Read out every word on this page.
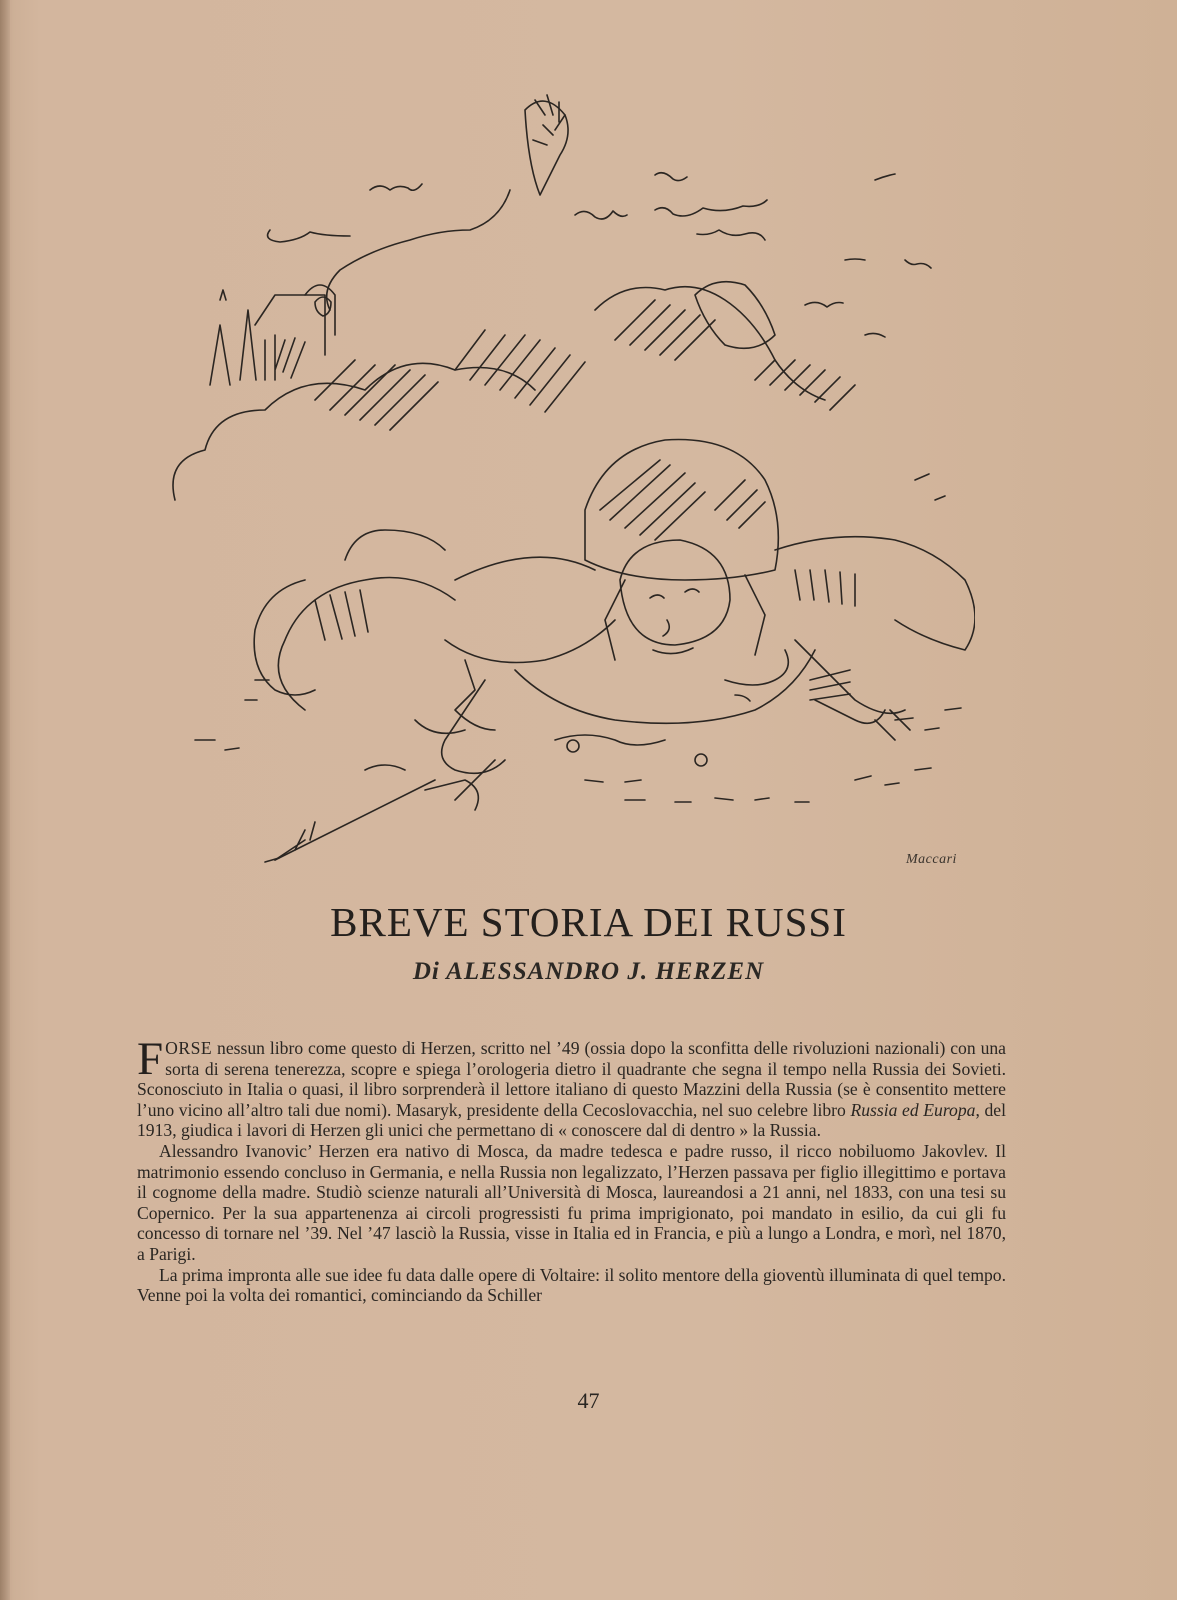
Maccari
BREVE STORIA DEI RUSSI
Di ALESSANDRO J. HERZEN

FORSE nessun libro come questo di Herzen, scritto nel ’49 (ossia dopo la sconfitta delle rivoluzioni nazionali) con una sorta di serena tenerezza, scopre e spiega l’orologeria dietro il quadrante che segna il tempo nella Russia dei Sovieti. Sconosciuto in Italia o quasi, il libro sorprenderà il lettore italiano di questo Mazzini della Russia (se è consentito mettere l’uno vicino all’altro tali due nomi). Masaryk, presidente della Cecoslovacchia, nel suo celebre libro Russia ed Europa, del 1913, giudica i lavori di Herzen gli unici che permettano di « conoscere dal di dentro » la Russia.

Alessandro Ivanovic’ Herzen era nativo di Mosca, da madre tedesca e padre russo, il ricco nobiluomo Jakovlev. Il matrimonio essendo concluso in Germania, e nella Russia non legalizzato, l’Herzen passava per figlio illegittimo e portava il cognome della madre. Studiò scienze naturali all’Università di Mosca, laureandosi a 21 anni, nel 1833, con una tesi su Copernico. Per la sua appartenenza ai circoli progressisti fu prima imprigionato, poi mandato in esilio, da cui gli fu concesso di tornare nel ’39. Nel ’47 lasciò la Russia, visse in Italia ed in Francia, e più a lungo a Londra, e morì, nel 1870, a Parigi.

La prima impronta alle sue idee fu data dalle opere di Voltaire: il solito mentore della gioventù illuminata di quel tempo. Venne poi la volta dei romantici, cominciando da Schiller

47
